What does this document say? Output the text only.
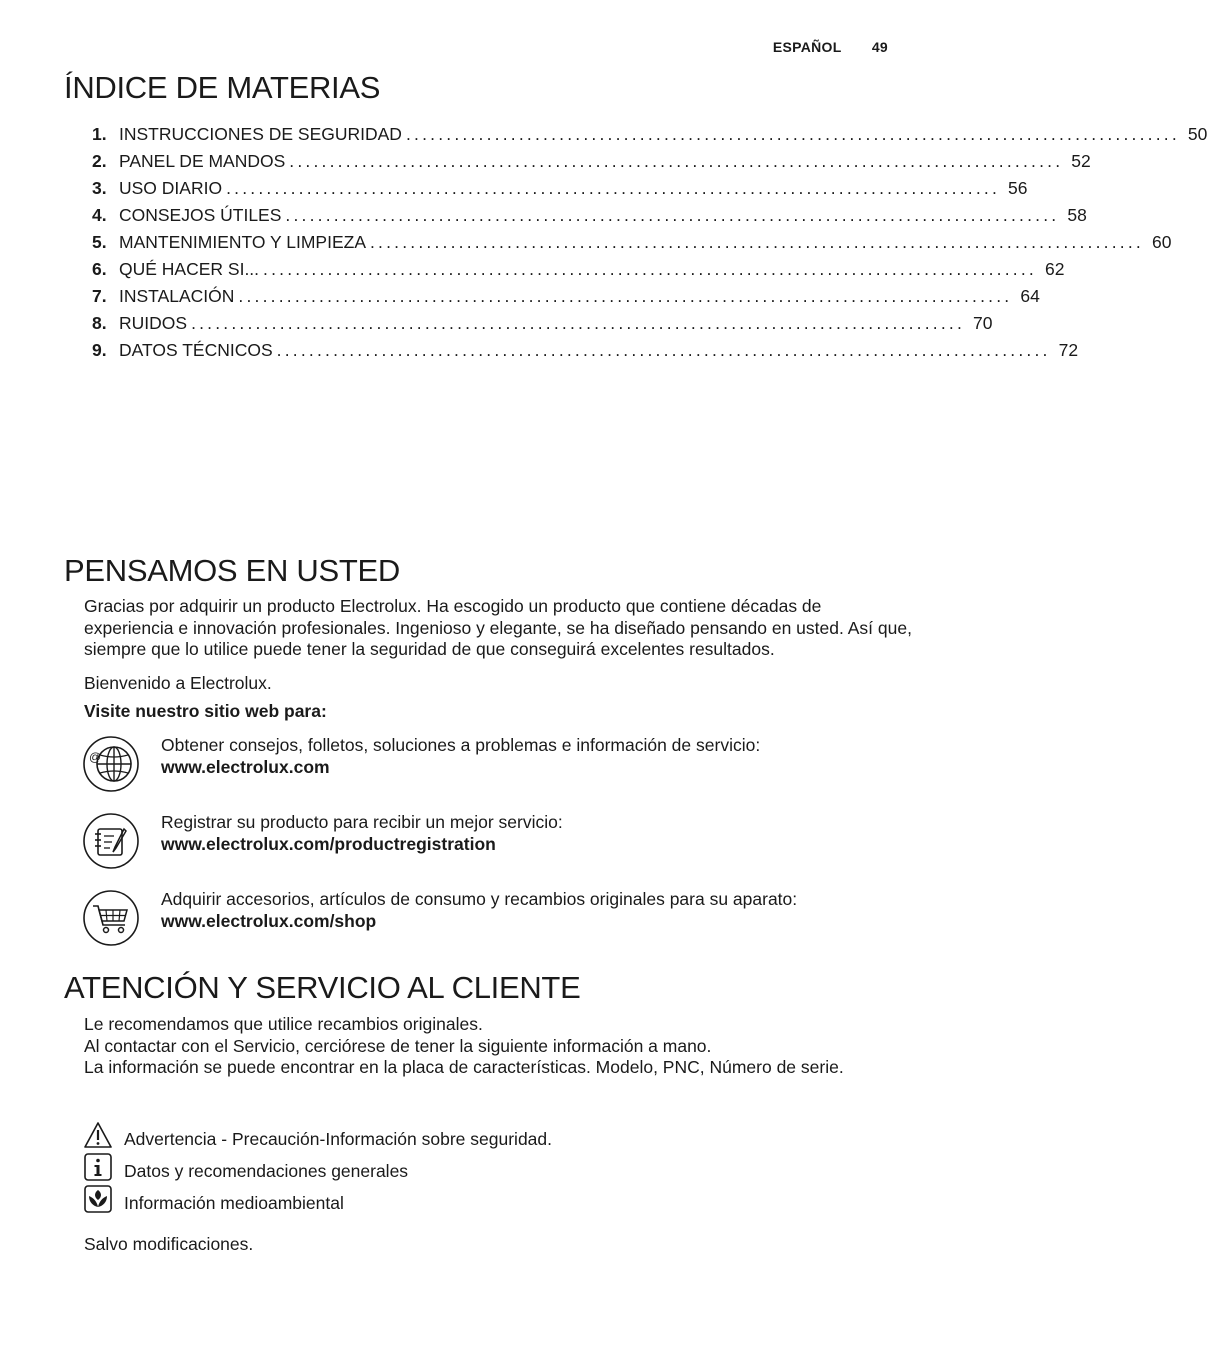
ESPAÑOL 49
ÍNDICE DE MATERIAS
1. INSTRUCCIONES DE SEGURIDAD ................................................................................................ 50
2. PANEL DE MANDOS ................................................................................................ 52
3. USO DIARIO ................................................................................................ 56
4. CONSEJOS ÚTILES ................................................................................................ 58
5. MANTENIMIENTO Y LIMPIEZA ................................................................................................ 60
6. QUÉ HACER SI... ................................................................................................ 62
7. INSTALACIÓN ................................................................................................ 64
8. RUIDOS ................................................................................................ 70
9. DATOS TÉCNICOS ................................................................................................ 72
PENSAMOS EN USTED

Gracias por adquirir un producto Electrolux. Ha escogido un producto que contiene décadas de experiencia e innovación profesionales. Ingenioso y elegante, se ha diseñado pensando en usted. Así que, siempre que lo utilice puede tener la seguridad de que conseguirá excelentes resultados.

Bienvenido a Electrolux.

Visite nuestro sitio web para:

@
Obtener consejos, folletos, soluciones a problemas e información de servicio:
www.electrolux.com
Registrar su producto para recibir un mejor servicio:
www.electrolux.com/productregistration
Adquirir accesorios, artículos de consumo y recambios originales para su aparato:
www.electrolux.com/shop
ATENCIÓN Y SERVICIO AL CLIENTE
Le recomendamos que utilice recambios originales.
Al contactar con el Servicio, cerciórese de tener la siguiente información a mano.
La información se puede encontrar en la placa de características. Modelo, PNC, Número de serie.
Advertencia - Precaución-Información sobre seguridad.
Datos y recomendaciones generales
Información medioambiental

Salvo modificaciones.
